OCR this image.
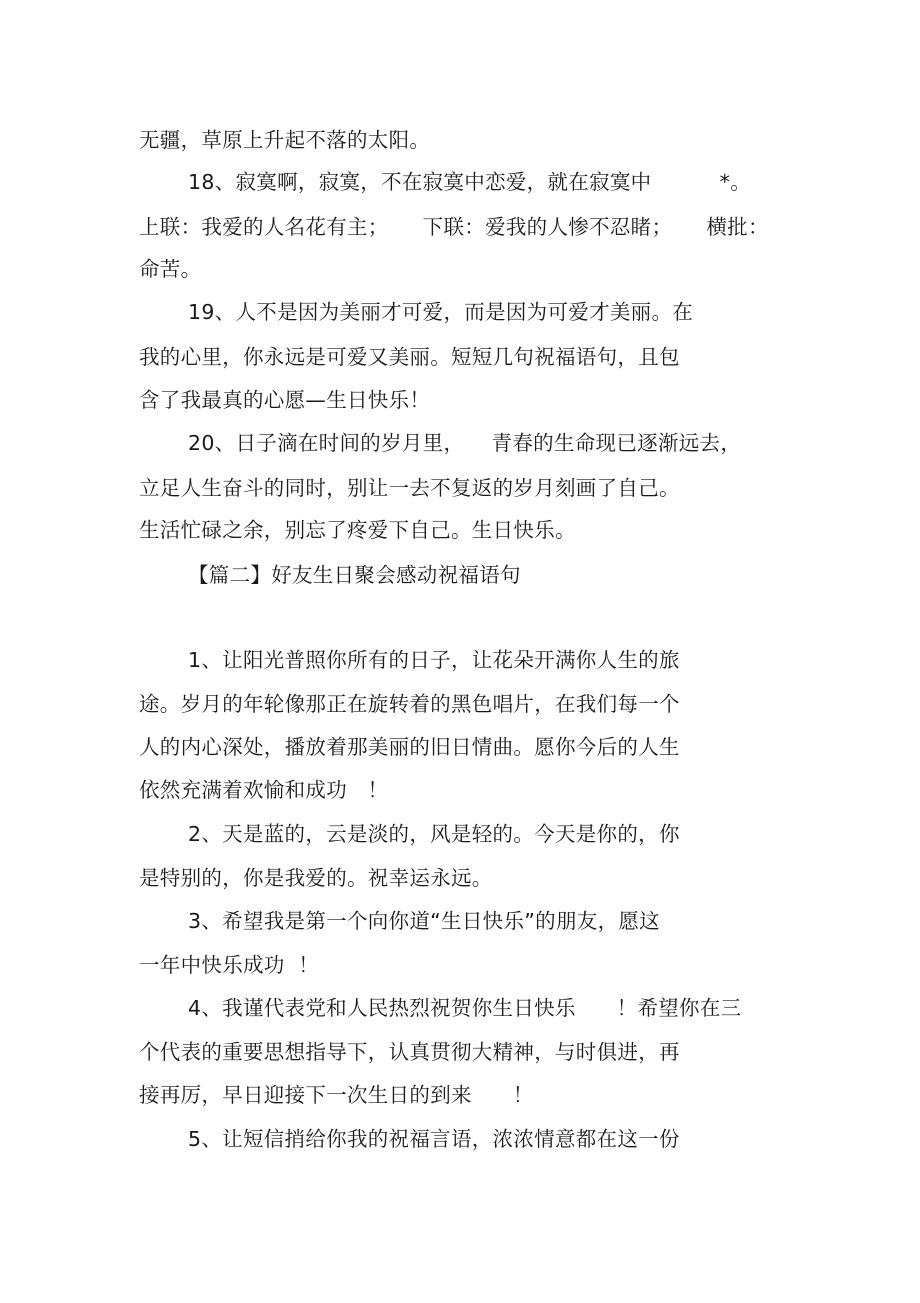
无疆，草原上升起不落的太阳。
18、寂寞啊，寂寞，不在寂寞中恋爱，就在寂寞中          *。
上联：我爱的人名花有主；     下联：爱我的人惨不忍睹；     横批：
命苦。
19、人不是因为美丽才可爱，而是因为可爱才美丽。在
我的心里，你永远是可爱又美丽。短短几句祝福语句，且包
含了我最真的心愿—生日快乐！
20、日子滴在时间的岁月里，    青春的生命现已逐渐远去，
立足人生奋斗的同时，别让一去不复返的岁月刻画了自己。
生活忙碌之余，别忘了疼爱下自己。生日快乐。
【篇二】好友生日聚会感动祝福语句
1、让阳光普照你所有的日子，让花朵开满你人生的旅
途。岁月的年轮像那正在旋转着的黑色唱片，在我们每一个
人的内心深处，播放着那美丽的旧日情曲。愿你今后的人生
依然充满着欢愉和成功   ！
2、天是蓝的，云是淡的，风是轻的。今天是你的，你
是特别的，你是我爱的。祝幸运永远。
3、希望我是第一个向你道“生日快乐”的朋友，愿这
一年中快乐成功  ！
4、我谨代表党和人民热烈祝贺你生日快乐      ！希望你在三
个代表的重要思想指导下，认真贯彻大精神，与时俱进，再
接再厉，早日迎接下一次生日的到来      ！
5、让短信捎给你我的祝福言语，浓浓情意都在这一份
